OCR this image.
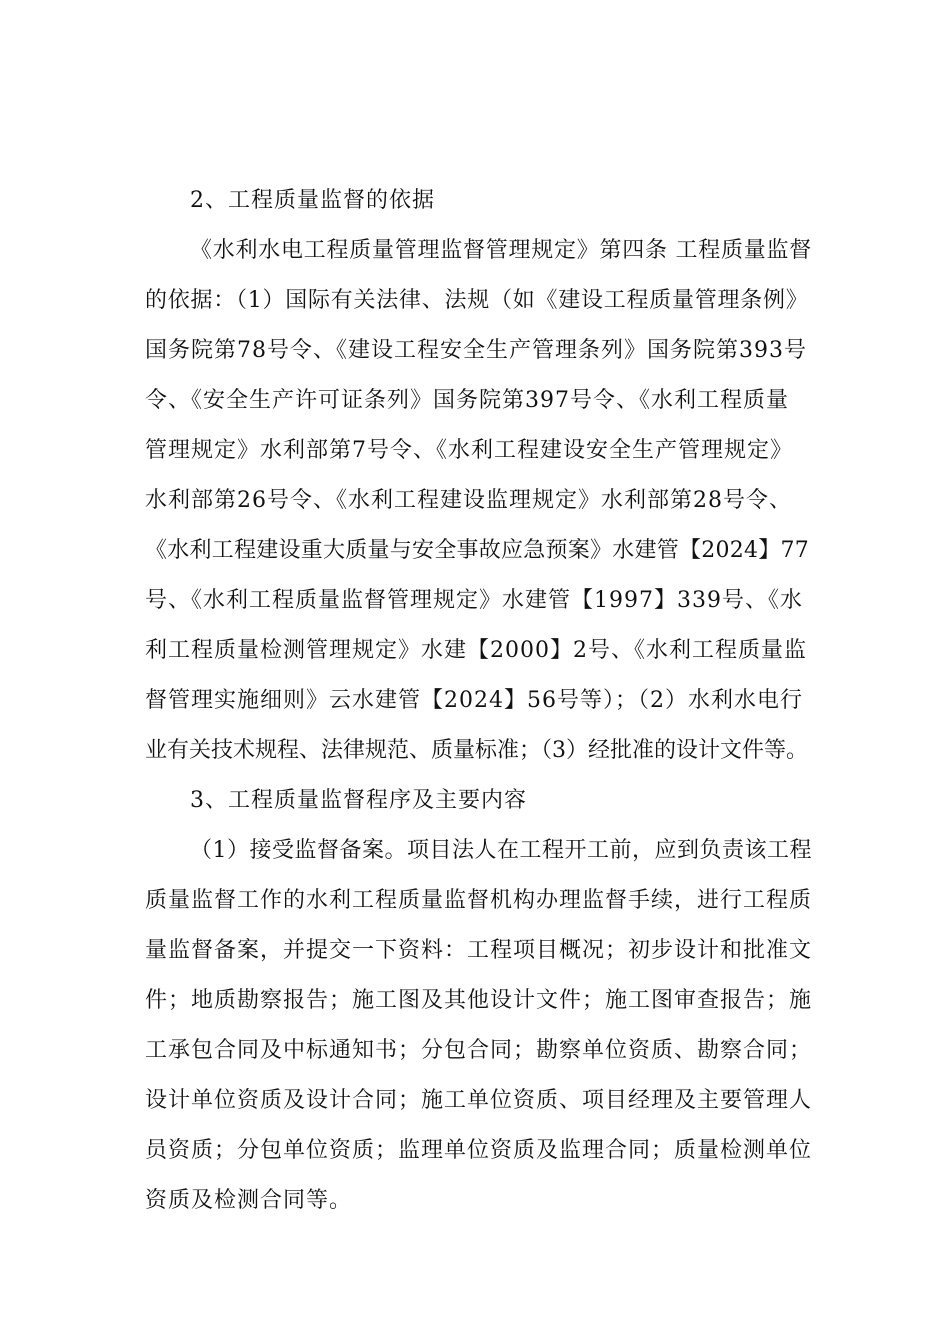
2、工程质量监督的依据
《水利水电工程质量管理监督管理规定》第四条 工程质量监督
的依据：（1）国际有关法律、法规（如《建设工程质量管理条例》
国务院第78号令、《建设工程安全生产管理条列》国务院第393号
令、《安全生产许可证条列》国务院第397号令、《水利工程质量
管理规定》水利部第7号令、《水利工程建设安全生产管理规定》
水利部第26号令、《水利工程建设监理规定》水利部第28号令、
《水利工程建设重大质量与安全事故应急预案》水建管【2024】77
号、《水利工程质量监督管理规定》水建管【1997】339号、《水
利工程质量检测管理规定》水建【2000】2号、《水利工程质量监
督管理实施细则》云水建管【2024】56号等）；（2）水利水电行
业有关技术规程、法律规范、质量标准；（3）经批准的设计文件等。
3、工程质量监督程序及主要内容
（1）接受监督备案。项目法人在工程开工前，应到负责该工程
质量监督工作的水利工程质量监督机构办理监督手续，进行工程质
量监督备案，并提交一下资料：工程项目概况；初步设计和批准文
件；地质勘察报告；施工图及其他设计文件；施工图审查报告；施
工承包合同及中标通知书；分包合同；勘察单位资质、勘察合同；
设计单位资质及设计合同；施工单位资质、项目经理及主要管理人
员资质；分包单位资质；监理单位资质及监理合同；质量检测单位
资质及检测合同等。
